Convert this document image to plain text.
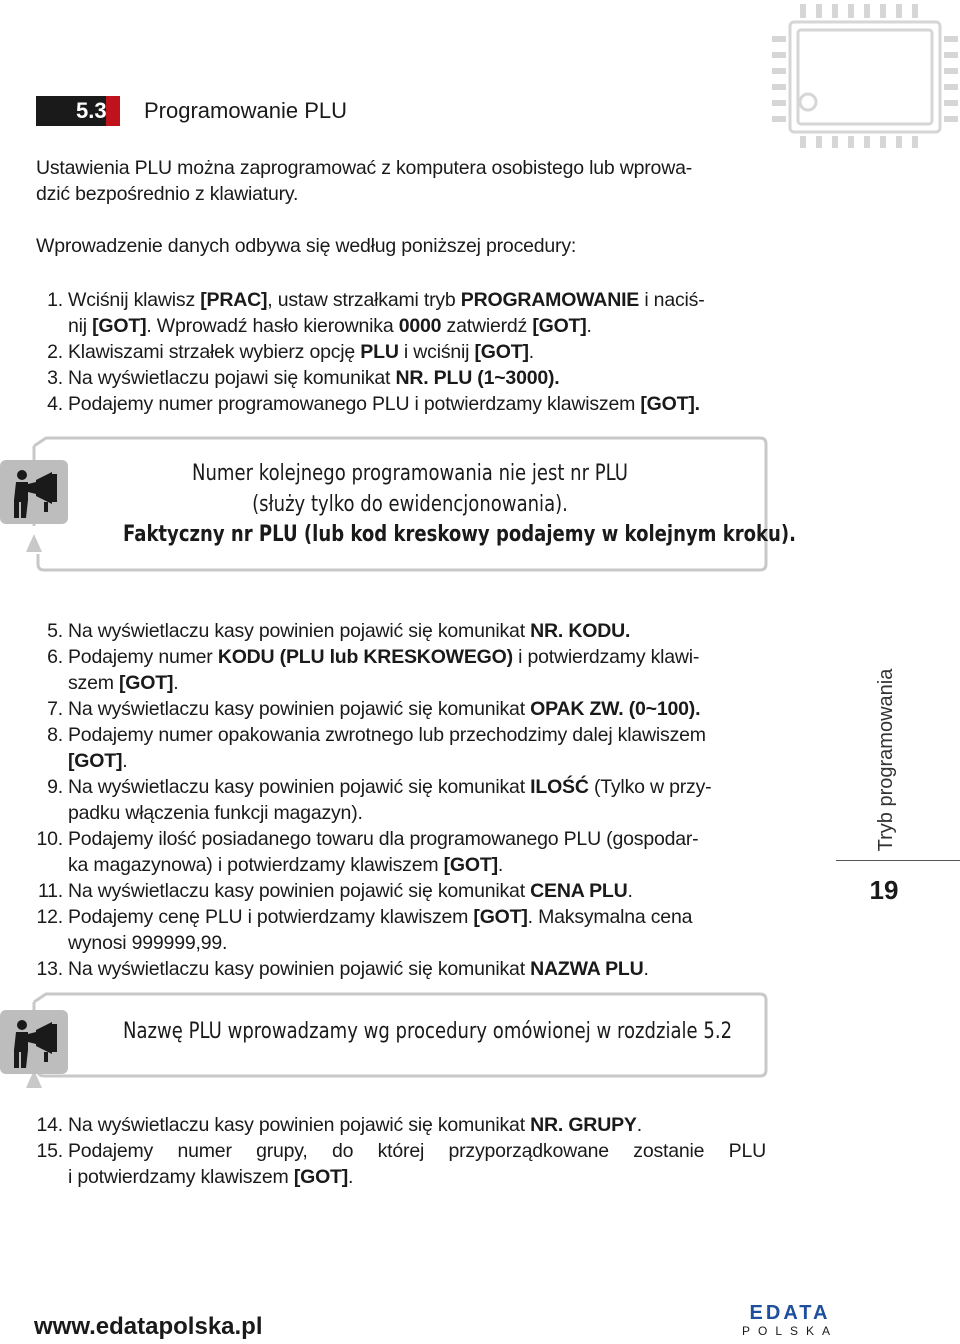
5.3 Programowanie PLU
Ustawienia PLU można zaprogramować z komputera osobistego lub wprowa-
dzić bezpośrednio z klawiatury.
Wprowadzenie danych odbywa się według poniższej procedury:
1. Wciśnij klawisz [PRAC], ustaw strzałkami tryb PROGRAMOWANIE i naciś-
nij [GOT]. Wprowadź hasło kierownika 0000 zatwierdź [GOT].
2. Klawiszami strzałek wybierz opcję PLU i wciśnij [GOT].
3. Na wyświetlaczu pojawi się komunikat NR. PLU (1~3000).
4. Podajemy numer programowanego PLU i potwierdzamy klawiszem [GOT].
Numer kolejnego programowania nie jest nr PLU
(służy tylko do ewidencjonowania).
Faktyczny nr PLU (lub kod kreskowy podajemy w kolejnym kroku).
5. Na wyświetlaczu kasy powinien pojawić się komunikat NR. KODU.
6. Podajemy numer KODU (PLU lub KRESKOWEGO) i potwierdzamy klawi-
szem [GOT].
7. Na wyświetlaczu kasy powinien pojawić się komunikat OPAK ZW. (0~100).
8. Podajemy numer opakowania zwrotnego lub przechodzimy dalej klawiszem
[GOT].
9. Na wyświetlaczu kasy powinien pojawić się komunikat ILOŚĆ (Tylko w przy-
padku włączenia funkcji magazyn).
10. Podajemy ilość posiadanego towaru dla programowanego PLU (gospodar-
ka magazynowa) i potwierdzamy klawiszem [GOT].
11. Na wyświetlaczu kasy powinien pojawić się komunikat CENA PLU.
12. Podajemy cenę PLU i potwierdzamy klawiszem [GOT]. Maksymalna cena
wynosi 999999,99.
13. Na wyświetlaczu kasy powinien pojawić się komunikat NAZWA PLU.
Nazwę PLU wprowadzamy wg procedury omówionej w rozdziale 5.2
14. Na wyświetlaczu kasy powinien pojawić się komunikat NR. GRUPY.
15. Podajemy numer grupy, do której przyporządkowane zostanie PLU
i potwierdzamy klawiszem [GOT].
Tryb programowania
19
www.edatapolska.pl	EDATA
POLSKA
